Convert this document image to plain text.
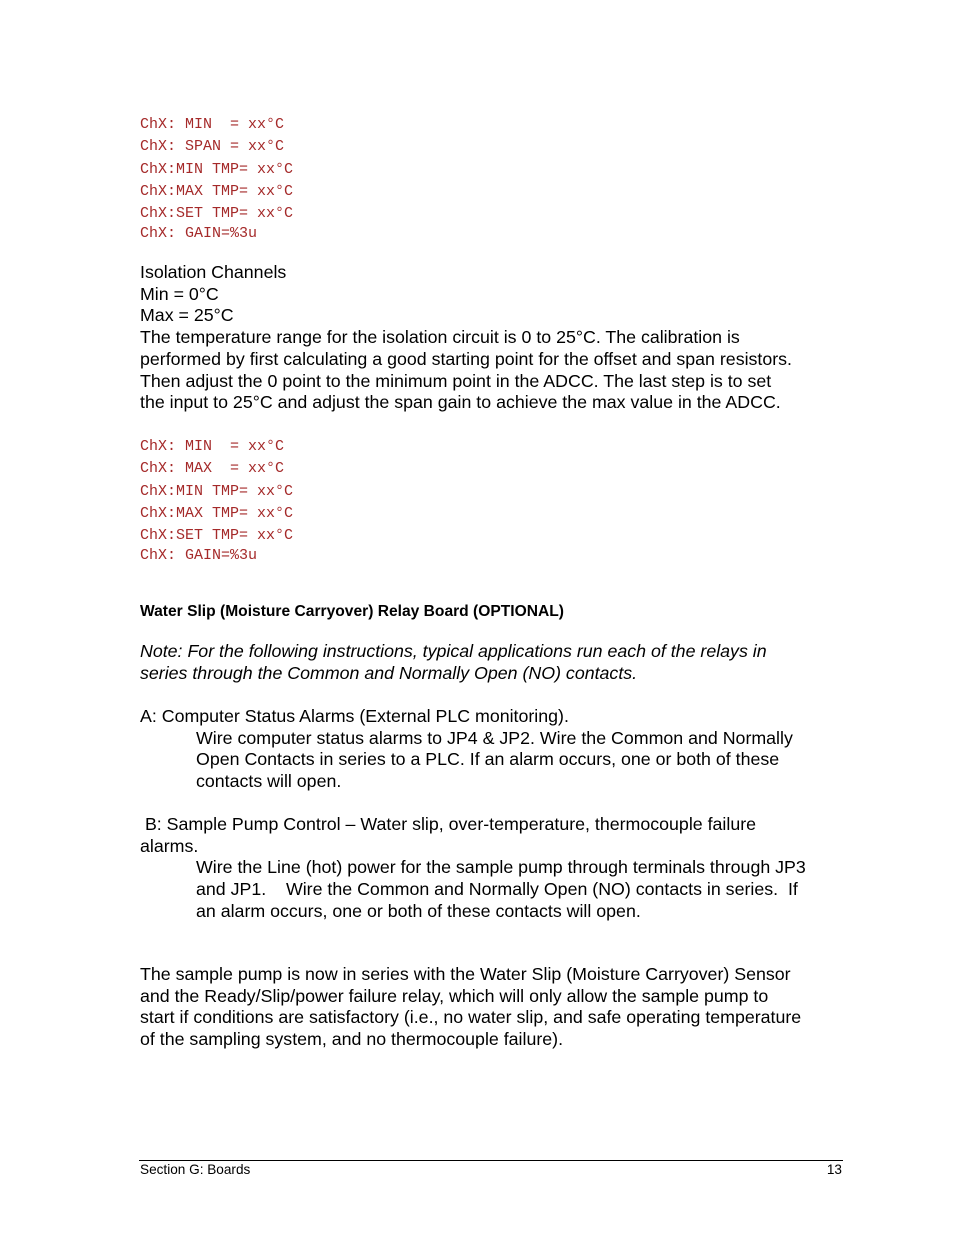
ChX: MIN  = xx°C
ChX: SPAN = xx°C
ChX:MIN TMP= xx°C
ChX:MAX TMP= xx°C
ChX:SET TMP= xx°C
ChX: GAIN=%3u
Isolation Channels
Min = 0°C
Max = 25°C
The temperature range for the isolation circuit is 0 to 25°C. The calibration is
performed by first calculating a good starting point for the offset and span resistors.
Then adjust the 0 point to the minimum point in the ADCC. The last step is to set
the input to 25°C and adjust the span gain to achieve the max value in the ADCC.
ChX: MIN  = xx°C
ChX: MAX  = xx°C
ChX:MIN TMP= xx°C
ChX:MAX TMP= xx°C
ChX:SET TMP= xx°C
ChX: GAIN=%3u
Water Slip (Moisture Carryover) Relay Board (OPTIONAL)
Note: For the following instructions, typical applications run each of the relays in
series through the Common and Normally Open (NO) contacts.
A: Computer Status Alarms (External PLC monitoring).
Wire computer status alarms to JP4 & JP2. Wire the Common and Normally
Open Contacts in series to a PLC. If an alarm occurs, one or both of these
contacts will open.
B: Sample Pump Control – Water slip, over-temperature, thermocouple failure
alarms.
Wire the Line (hot) power for the sample pump through terminals through JP3
and JP1.    Wire the Common and Normally Open (NO) contacts in series.  If
an alarm occurs, one or both of these contacts will open.
The sample pump is now in series with the Water Slip (Moisture Carryover) Sensor
and the Ready/Slip/power failure relay, which will only allow the sample pump to
start if conditions are satisfactory (i.e., no water slip, and safe operating temperature
of the sampling system, and no thermocouple failure).
Section G: Boards	13
